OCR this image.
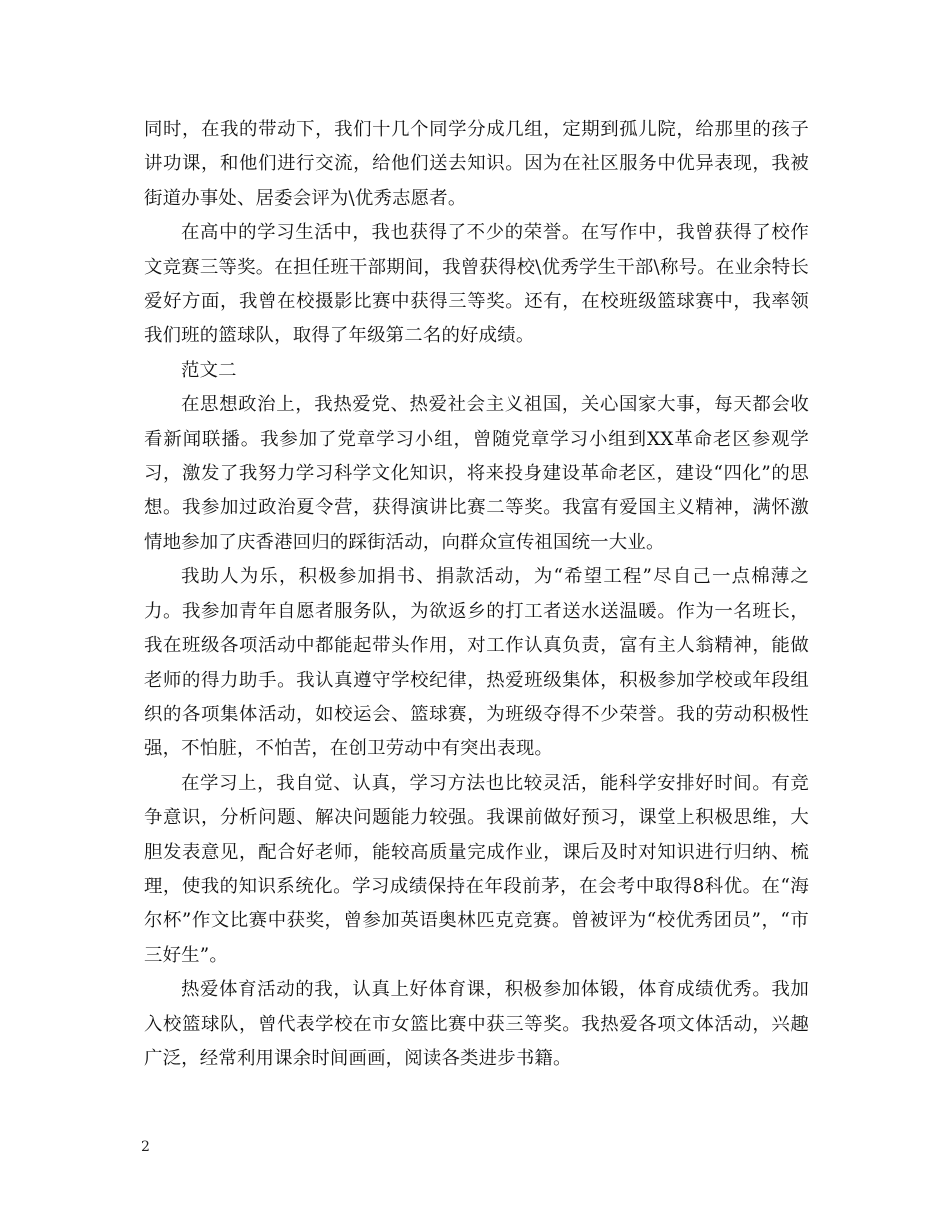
同时，在我的带动下，我们十几个同学分成几组，定期到孤儿院，给那里的孩子讲功课，和他们进行交流，给他们送去知识。因为在社区服务中优异表现，我被街道办事处、居委会评为\优秀志愿者。

在高中的学习生活中，我也获得了不少的荣誉。在写作中，我曾获得了校作文竞赛三等奖。在担任班干部期间，我曾获得校\优秀学生干部\称号。在业余特长爱好方面，我曾在校摄影比赛中获得三等奖。还有，在校班级篮球赛中，我率领我们班的篮球队，取得了年级第二名的好成绩。

范文二

在思想政治上，我热爱党、热爱社会主义祖国，关心国家大事，每天都会收看新闻联播。我参加了党章学习小组，曾随党章学习小组到XX革命老区参观学习，激发了我努力学习科学文化知识，将来投身建设革命老区，建设“四化”的思想。我参加过政治夏令营，获得演讲比赛二等奖。我富有爱国主义精神，满怀激情地参加了庆香港回归的踩街活动，向群众宣传祖国统一大业。

我助人为乐，积极参加捐书、捐款活动，为“希望工程”尽自己一点棉薄之力。我参加青年自愿者服务队，为欲返乡的打工者送水送温暖。作为一名班长，我在班级各项活动中都能起带头作用，对工作认真负责，富有主人翁精神，能做老师的得力助手。我认真遵守学校纪律，热爱班级集体，积极参加学校或年段组织的各项集体活动，如校运会、篮球赛，为班级夺得不少荣誉。我的劳动积极性强，不怕脏，不怕苦，在创卫劳动中有突出表现。

在学习上，我自觉、认真，学习方法也比较灵活，能科学安排好时间。有竞争意识，分析问题、解决问题能力较强。我课前做好预习，课堂上积极思维，大胆发表意见，配合好老师，能较高质量完成作业，课后及时对知识进行归纳、梳理，使我的知识系统化。学习成绩保持在年段前茅，在会考中取得8科优。在“海尔杯”作文比赛中获奖，曾参加英语奥林匹克竞赛。曾被评为“校优秀团员”，“市三好生”。

热爱体育活动的我，认真上好体育课，积极参加体锻，体育成绩优秀。我加入校篮球队，曾代表学校在市女篮比赛中获三等奖。我热爱各项文体活动，兴趣广泛，经常利用课余时间画画，阅读各类进步书籍。

2
